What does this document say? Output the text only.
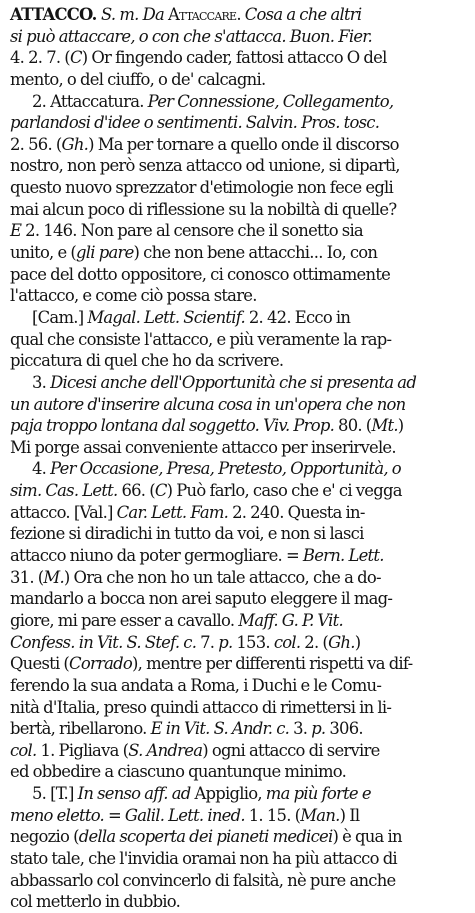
ATTACCO. S. m. Da Attaccare. Cosa a che altri
si può attaccare, o con che s'attacca. Buon. Fier.
4. 2. 7. (C) Or fingendo cader, fattosi attacco O del
mento, o del ciuffo, o de' calcagni.
2. Attaccatura. Per Connessione, Collegamento,
parlandosi d'idee o sentimenti. Salvin. Pros. tosc.
2. 56. (Gh.) Ma per tornare a quello onde il discorso
nostro, non però senza attacco od unione, si dipartì,
questo nuovo sprezzator d'etimologie non fece egli
mai alcun poco di riflessione su la nobiltà di quelle?
E 2. 146. Non pare al censore che il sonetto sia
unito, e (gli pare) che non bene attacchi... Io, con
pace del dotto oppositore, ci conosco ottimamente
l'attacco, e come ciò possa stare.
[Cam.] Magal. Lett. Scientif. 2. 42. Ecco in
qual che consiste l'attacco, e più veramente la rap-
piccatura di quel che ho da scrivere.
3. Dicesi anche dell'Opportunità che si presenta ad
un autore d'inserire alcuna cosa in un'opera che non
paja troppo lontana dal soggetto. Viv. Prop. 80. (Mt.)
Mi porge assai conveniente attacco per inserirvele.
4. Per Occasione, Presa, Pretesto, Opportunità, o
sim. Cas. Lett. 66. (C) Può farlo, caso che e' ci vegga
attacco. [Val.] Car. Lett. Fam. 2. 240. Questa in-
fezione si diradichi in tutto da voi, e non si lasci
attacco niuno da poter germogliare. = Bern. Lett.
31. (M.) Ora che non ho un tale attacco, che a do-
mandarlo a bocca non arei saputo eleggere il mag-
giore, mi pare esser a cavallo. Maff. G. P. Vit.
Confess. in Vit. S. Stef. c. 7. p. 153. col. 2. (Gh.)
Questi (Corrado), mentre per differenti rispetti va dif-
ferendo la sua andata a Roma, i Duchi e le Comu-
nità d'Italia, preso quindi attacco di rimettersi in li-
bertà, ribellarono. E in Vit. S. Andr. c. 3. p. 306.
col. 1. Pigliava (S. Andrea) ogni attacco di servire
ed obbedire a ciascuno quantunque minimo.
5. [T.] In senso aff. ad Appiglio, ma più forte e
meno eletto. = Galil. Lett. ined. 1. 15. (Man.) Il
negozio (della scoperta dei pianeti medicei) è qua in
stato tale, che l'invidia oramai non ha più attacco di
abbassarlo col convincerlo di falsità, nè pure anche
col metterlo in dubbio.
